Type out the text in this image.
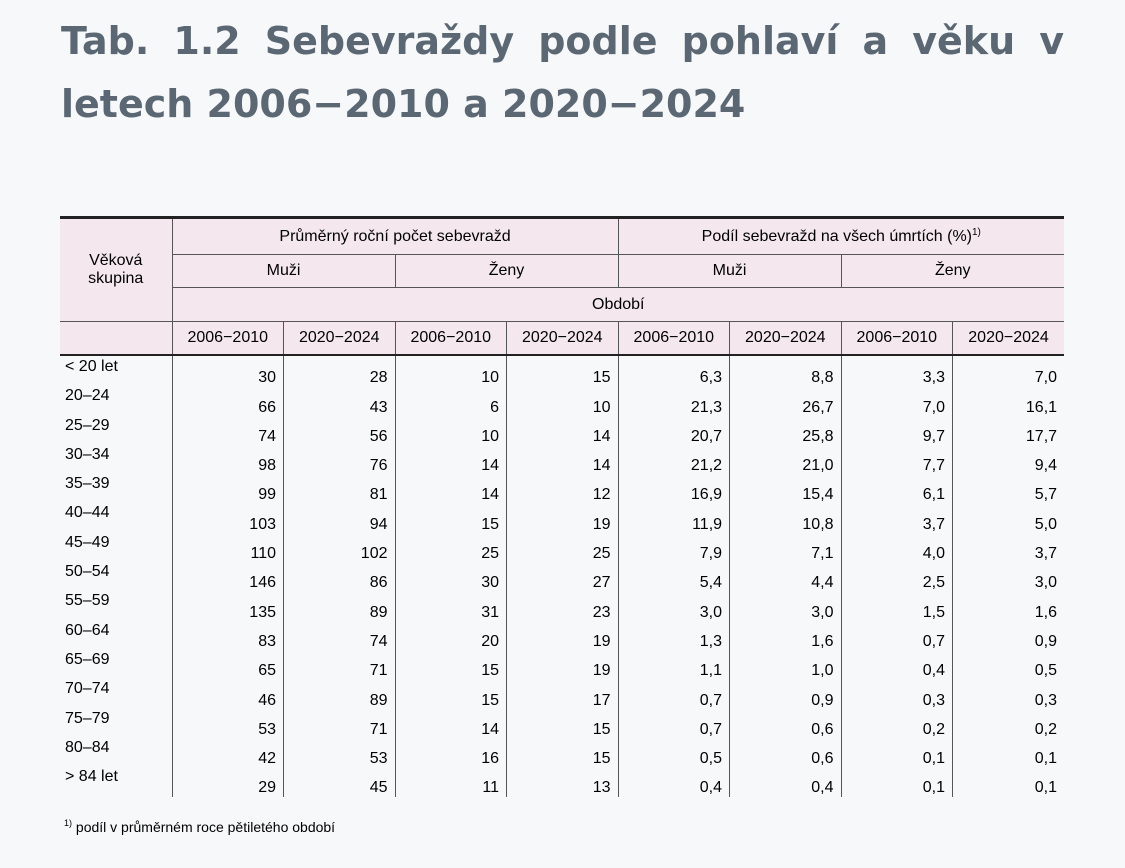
Tab. 1.2 Sebevraždy podle pohlaví a věku v letech 2006−2010 a 2020−2024
Věková
skupina	Průměrný roční počet sebevražd				Podíl sebevražd na všech úmrtích (%)$^{1)}$
	Muži		Ženy		Muži		Ženy	
	Období							
	2006−2010	2020−2024	2006−2010	2020−2024	2006−2010	2020−2024	2006−2010	2020−2024
< 20 let	30	28	10	15	6,3	8,8	3,3	7,0
20–24	66	43	6	10	21,3	26,7	7,0	16,1
25–29	74	56	10	14	20,7	25,8	9,7	17,7
30–34	98	76	14	14	21,2	21,0	7,7	9,4
35–39	99	81	14	12	16,9	15,4	6,1	5,7
40–44	103	94	15	19	11,9	10,8	3,7	5,0
45–49	110	102	25	25	7,9	7,1	4,0	3,7
50–54	146	86	30	27	5,4	4,4	2,5	3,0
55–59	135	89	31	23	3,0	3,0	1,5	1,6
60–64	83	74	20	19	1,3	1,6	0,7	0,9
65–69	65	71	15	19	1,1	1,0	0,4	0,5
70–74	46	89	15	17	0,7	0,9	0,3	0,3
75–79	53	71	14	15	0,7	0,6	0,2	0,2
80–84	42	53	16	15	0,5	0,6	0,1	0,1
> 84 let	29	45	11	13	0,4	0,4	0,1	0,1
$^{1)}$ podíl v průměrném roce pětiletého období
